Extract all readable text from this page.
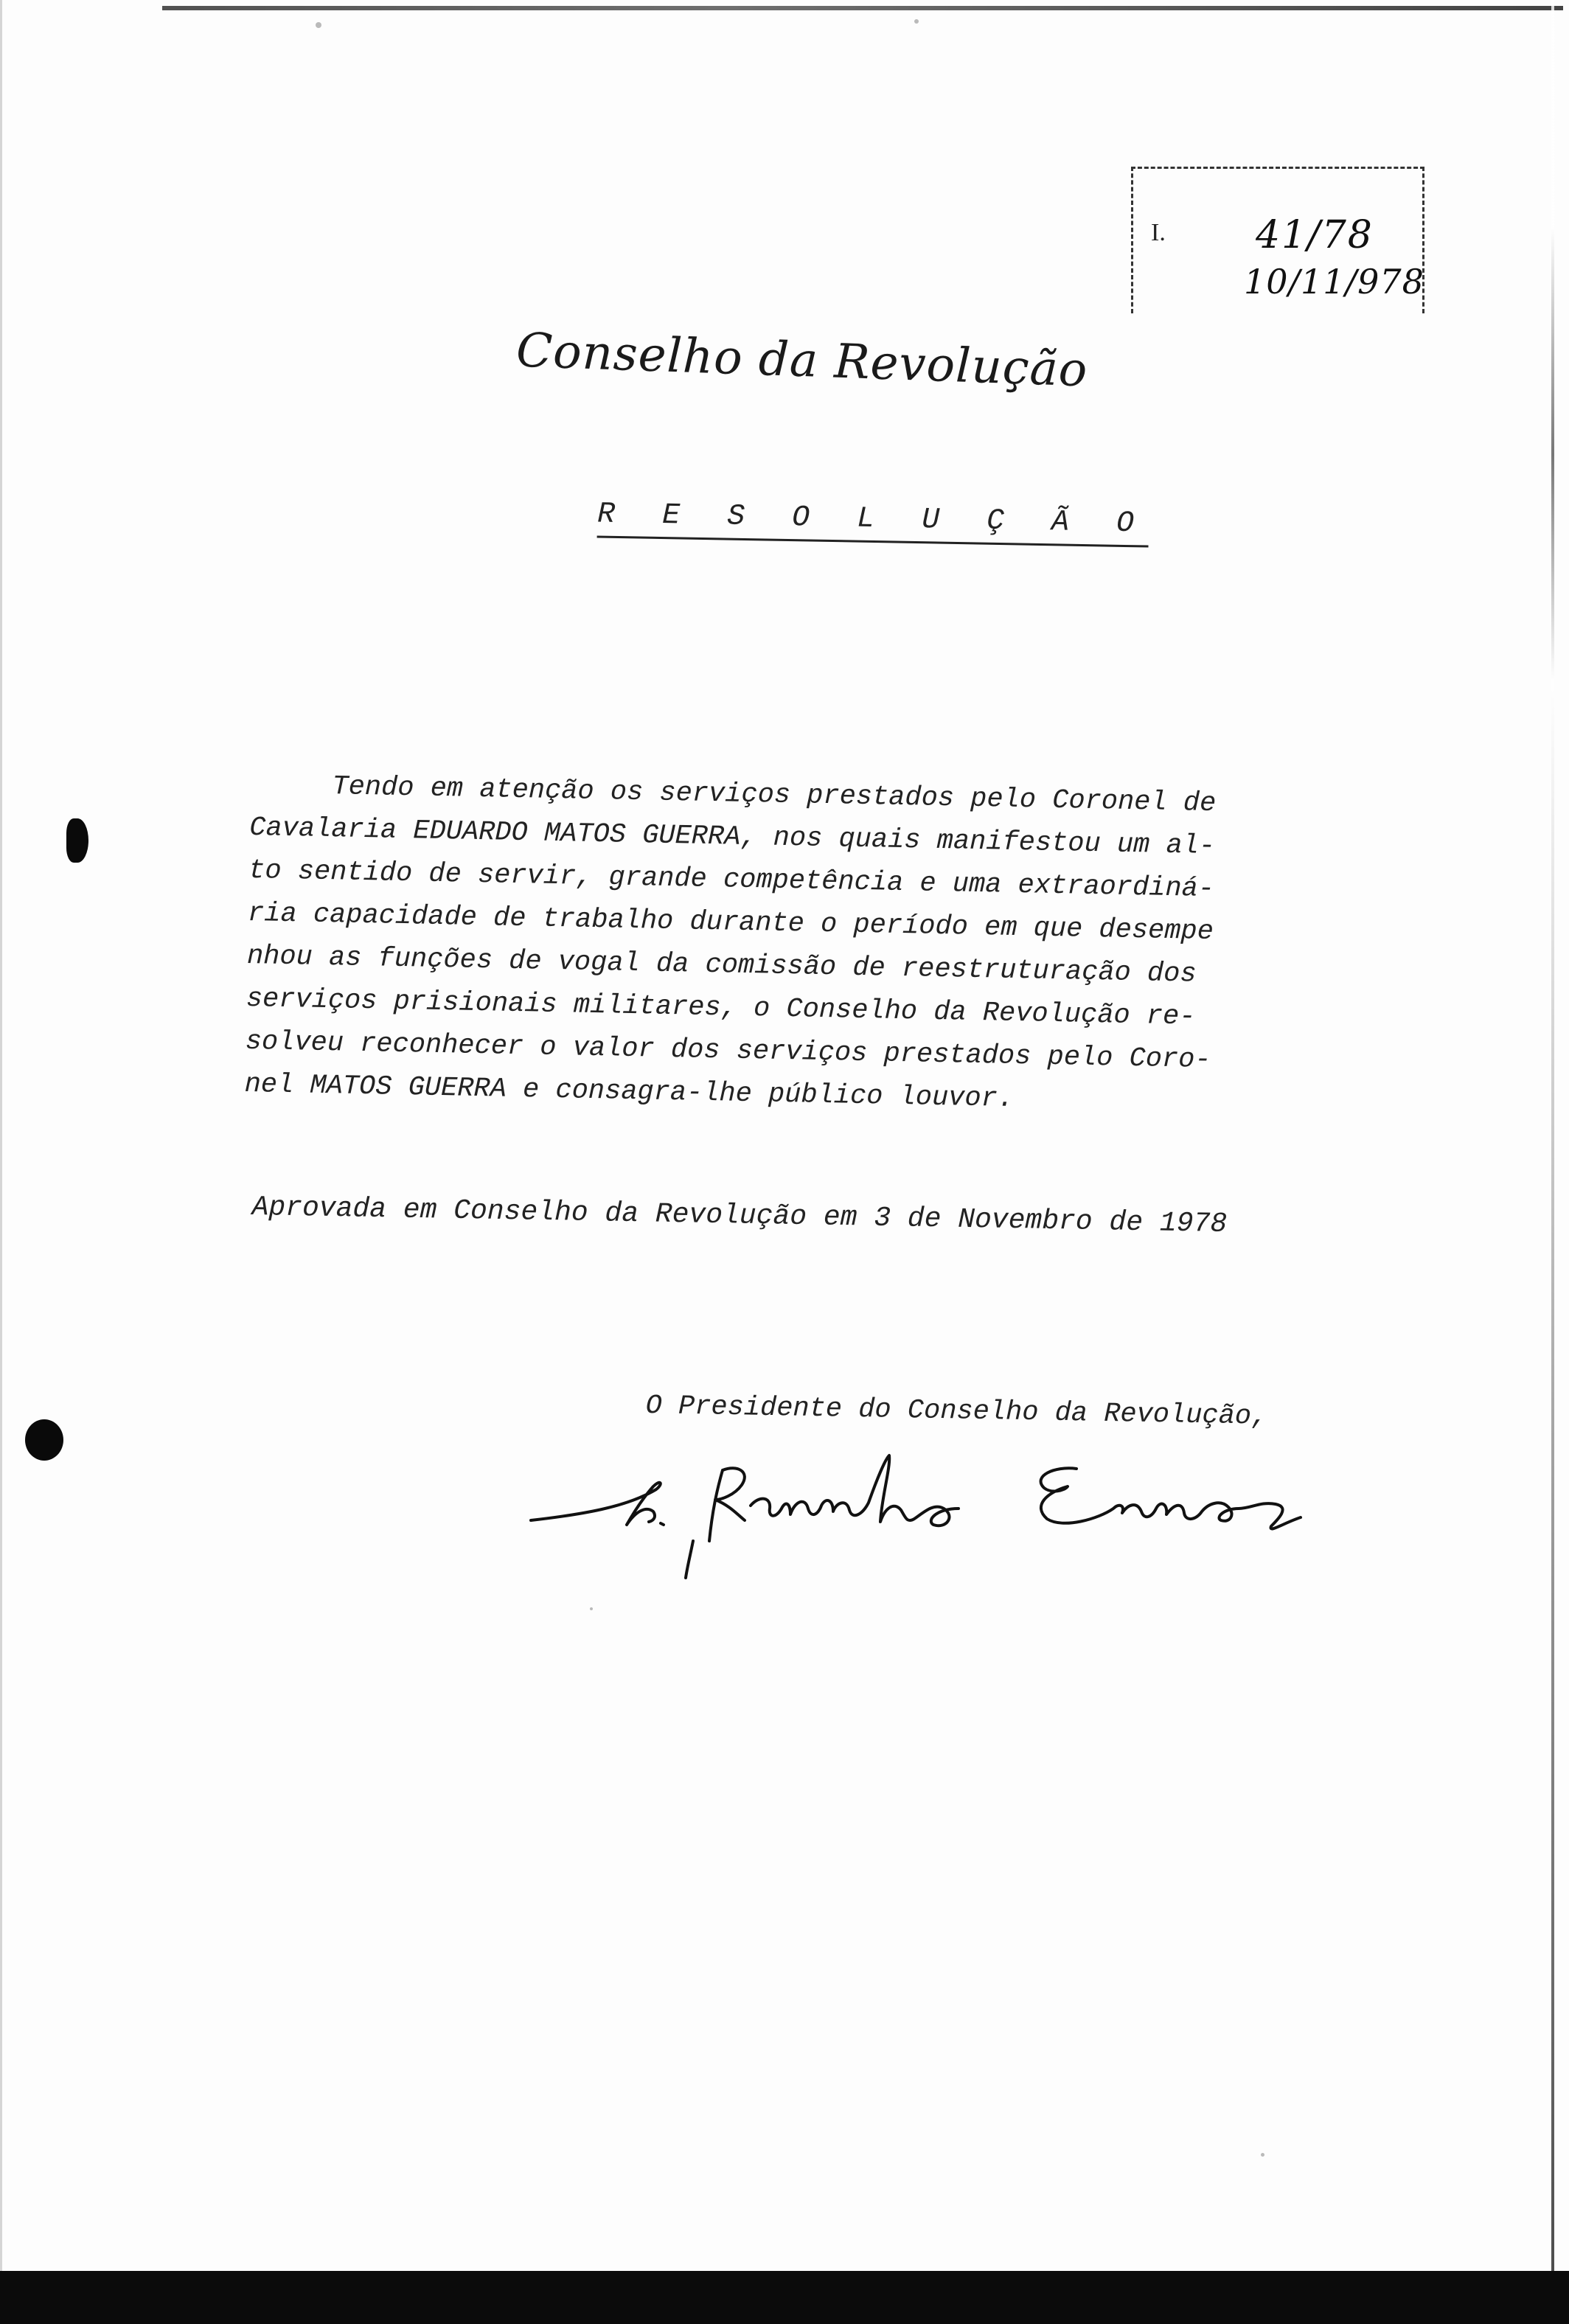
I. 41/78
10/11/978
Conselho da Revolução
R E S O L U Ç Ã O
Tendo em atenção os serviços prestados pelo Coronel de
Cavalaria EDUARDO MATOS GUERRA, nos quais manifestou um al-
to sentido de servir, grande competência e uma extraordiná-
ria capacidade de trabalho durante o período em que desempe
nhou as funções de vogal da comissão de reestruturação dos
serviços prisionais militares, o Conselho da Revolução re-
solveu reconhecer o valor dos serviços prestados pelo Coro-
nel MATOS GUERRA e consagra-lhe público louvor.
Aprovada em Conselho da Revolução em 3 de Novembro de 1978
O Presidente do Conselho da Revolução,
